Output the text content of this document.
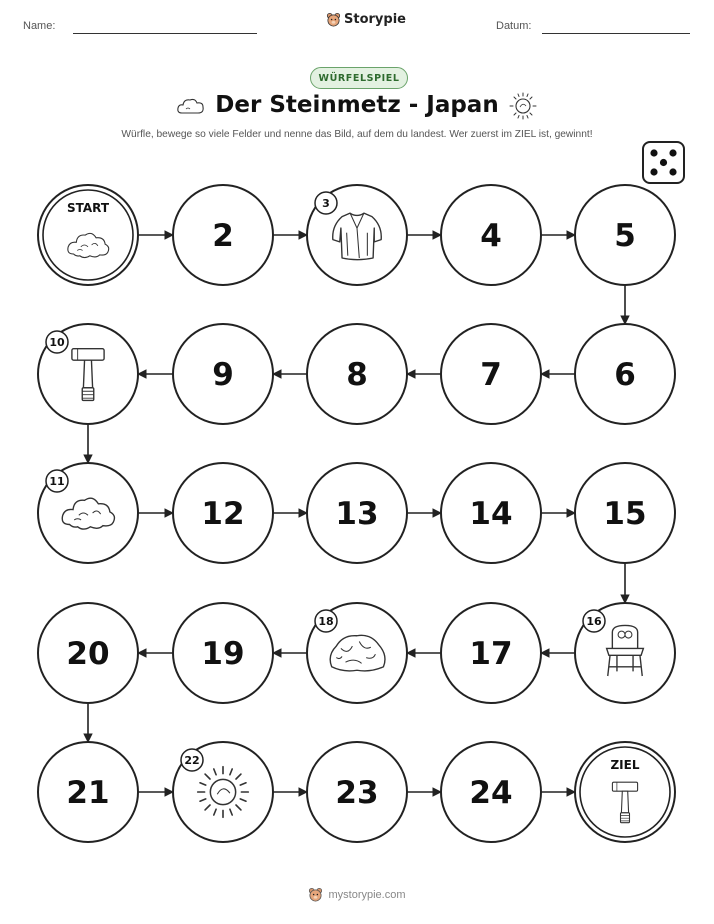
Name:	Storypie	Datum:
WÜRFELSPIEL
Der Steinmetz - Japan
Würfle, bewege so viele Felder und nenne das Bild, auf dem du landest. Wer zuerst im ZIEL ist, gewinnt!
START
2
3
4	5
6
7
8
9
10
11
12	13	14	15
16
17
18
19
20
21
22
23	24
ZIEL
mystorypie.com
